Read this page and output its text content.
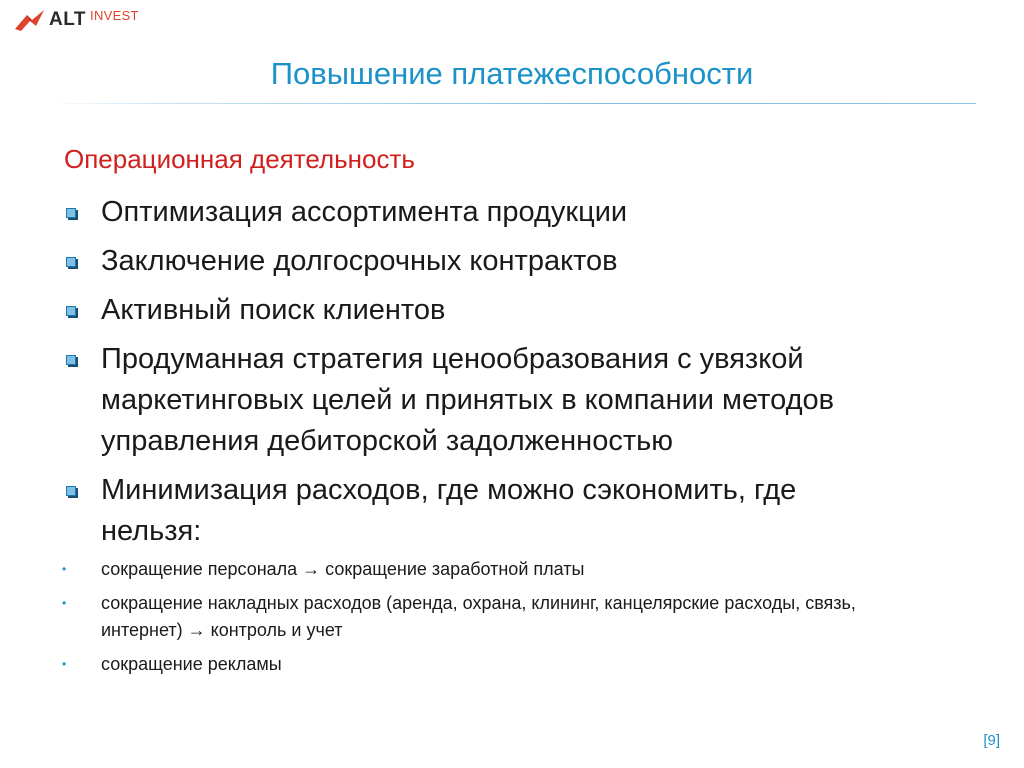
ALT INVEST
Повышение платежеспособности
Операционная деятельность
Оптимизация ассортимента продукции
Заключение долгосрочных контрактов
Активный поиск клиентов
Продуманная стратегия ценообразования с увязкой маркетинговых целей и принятых в компании методов управления дебиторской задолженностью
Минимизация расходов, где можно сэкономить, где нельзя:
• сокращение персонала → сокращение заработной платы
• сокращение накладных расходов (аренда, охрана, клининг, канцелярские расходы, связь, интернет) → контроль и учет
• сокращение рекламы
[9]
